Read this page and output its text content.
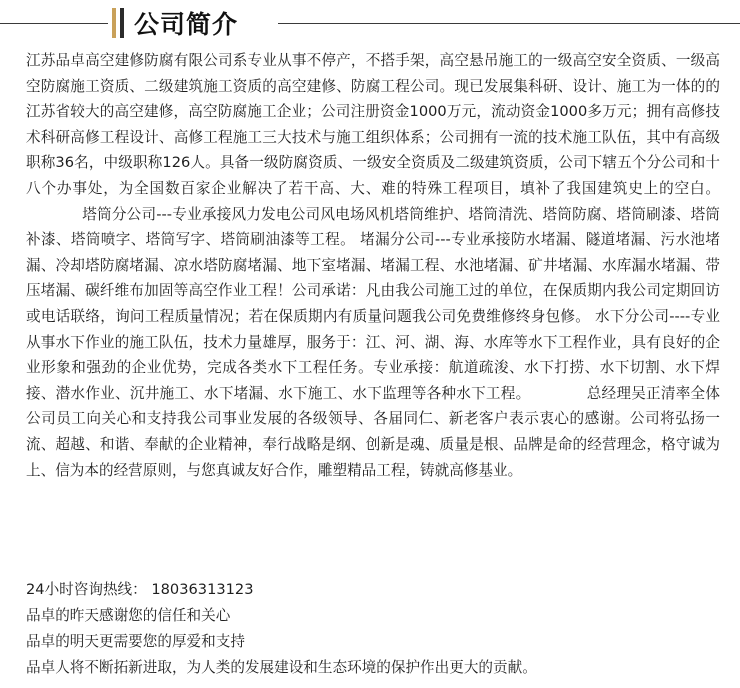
公司简介

江苏品卓高空建修防腐有限公司系专业从事不停产，不搭手架，高空悬吊施工的一级高空安全资质、一级高空防腐施工资质、二级建筑施工资质的高空建修、防腐工程公司。现已发展集科研、设计、施工为一体的的江苏省较大的高空建修，高空防腐施工企业；公司注册资金1000万元，流动资金1000多万元；拥有高修技术科研高修工程设计、高修工程施工三大技术与施工组织体系；公司拥有一流的技术施工队伍，其中有高级职称36名，中级职称126人。具备一级防腐资质、一级安全资质及二级建筑资质，公司下辖五个分公司和十八个办事处，为全国数百家企业解决了若干高、大、难的特殊工程项目，填补了我国建筑史上的空白。塔筒分公司---专业承接风力发电公司风电场风机塔筒维护、塔筒清洗、塔筒防腐、塔筒刷漆、塔筒补漆、塔筒喷字、塔筒写字、塔筒刷油漆等工程。 堵漏分公司---专业承接防水堵漏、隧道堵漏、污水池堵漏、冷却塔防腐堵漏、凉水塔防腐堵漏、地下室堵漏、堵漏工程、水池堵漏、矿井堵漏、水库漏水堵漏、带压堵漏、碳纤维布加固等高空作业工程！公司承诺：凡由我公司施工过的单位，在保质期内我公司定期回访或电话联络，询问工程质量情况；若在保质期内有质量问题我公司免费维修终身包修。 水下分公司----专业从事水下作业的施工队伍，技术力量雄厚，服务于：江、河、湖、海、水库等水下工程作业，具有良好的企业形象和强劲的企业优势，完成各类水下工程任务。专业承接：航道疏浚、水下打捞、水下切割、水下焊接、潜水作业、沉井施工、水下堵漏、水下施工、水下监理等各种水下工程。	总经理吴正清率全体公司员工向关心和支持我公司事业发展的各级领导、各届同仁、新老客户表示衷心的感谢。公司将弘扬一流、超越、和谐、奉献的企业精神，奉行战略是纲、创新是魂、质量是根、品牌是命的经营理念，格守诚为上、信为本的经营原则，与您真诚友好合作，雕塑精品工程，铸就高修基业。

24小时咨询热线： 18036313123

品卓的昨天感谢您的信任和关心

品卓的明天更需要您的厚爱和支持

品卓人将不断拓新进取，为人类的发展建设和生态环境的保护作出更大的贡献。
